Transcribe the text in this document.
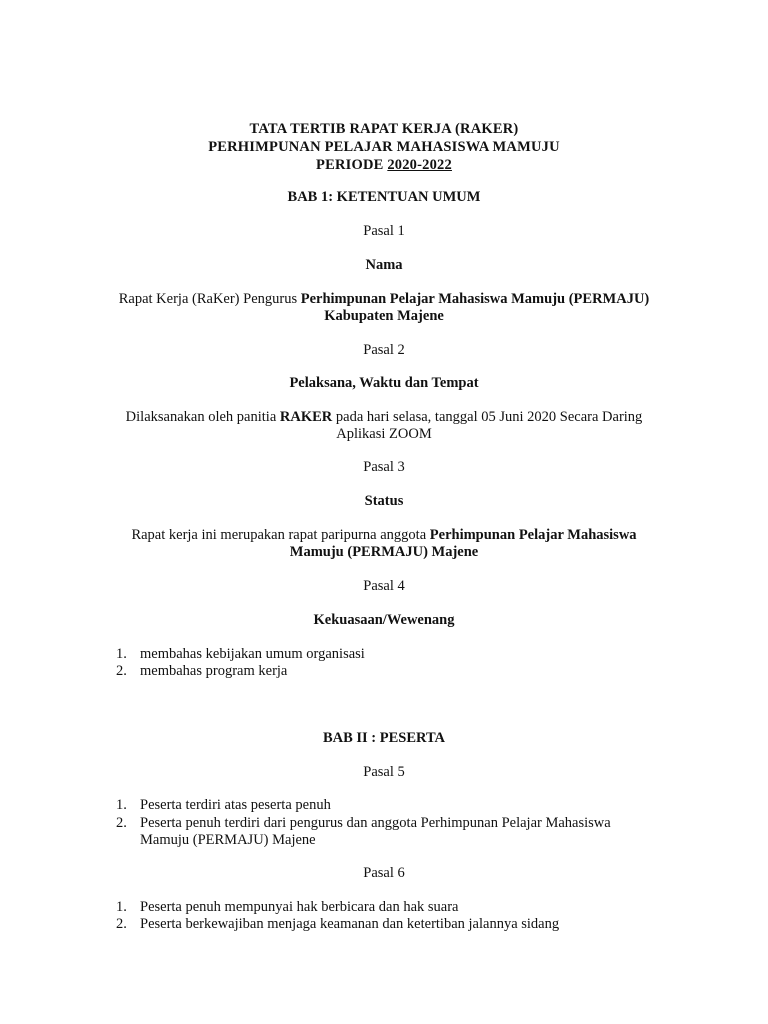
TATA TERTIB RAPAT KERJA (RAKER)
PERHIMPUNAN PELAJAR MAHASISWA MAMUJU
PERIODE 2020-2022
BAB 1: KETENTUAN UMUM
Pasal 1
Nama
Rapat Kerja (RaKer) Pengurus Perhimpunan Pelajar Mahasiswa Mamuju (PERMAJU)
Kabupaten Majene
Pasal 2
Pelaksana, Waktu dan Tempat
Dilaksanakan oleh panitia RAKER pada hari selasa, tanggal 05 Juni 2020 Secara Daring
Aplikasi ZOOM
Pasal 3
Status
Rapat kerja ini merupakan rapat paripurna anggota Perhimpunan Pelajar Mahasiswa
Mamuju (PERMAJU) Majene
Pasal 4
Kekuasaan/Wewenang
1. membahas kebijakan umum organisasi
2. membahas program kerja
BAB II : PESERTA
Pasal 5
1. Peserta terdiri atas peserta penuh
2. Peserta penuh terdiri dari pengurus dan anggota Perhimpunan Pelajar Mahasiswa
Mamuju (PERMAJU) Majene
Pasal 6
1. Peserta penuh mempunyai hak berbicara dan hak suara
2. Peserta berkewajiban menjaga keamanan dan ketertiban jalannya sidang
